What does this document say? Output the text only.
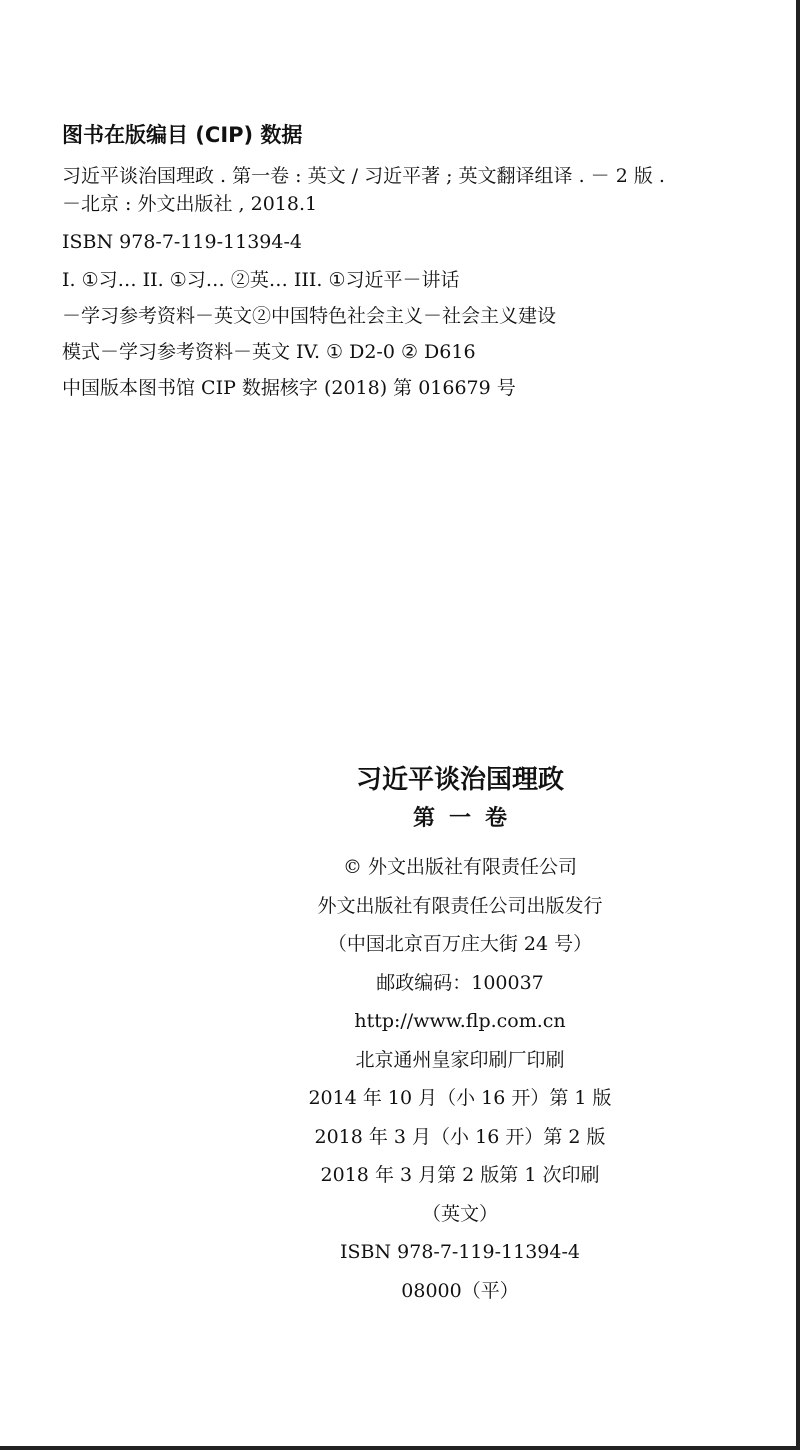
图书在版编目 (CIP) 数据

习近平谈治国理政 . 第一卷 : 英文 / 习近平著 ; 英文翻译组译 . － 2 版 .

－北京 : 外文出版社 , 2018.1

ISBN 978-7-119-11394-4

I. ①习… II. ①习… ②英… III. ①习近平－讲话

－学习参考资料－英文②中国特色社会主义－社会主义建设

模式－学习参考资料－英文 IV. ① D2-0 ② D616

中国版本图书馆 CIP 数据核字 (2018) 第 016679 号

习近平谈治国理政

第一卷

© 外文出版社有限责任公司

外文出版社有限责任公司出版发行

（中国北京百万庄大街 24 号）

邮政编码：100037

http://www.flp.com.cn

北京通州皇家印刷厂印刷

2014 年 10 月（小 16 开）第 1 版

2018 年 3 月（小 16 开）第 2 版

2018 年 3 月第 2 版第 1 次印刷

（英文）

ISBN 978-7-119-11394-4

08000（平）
